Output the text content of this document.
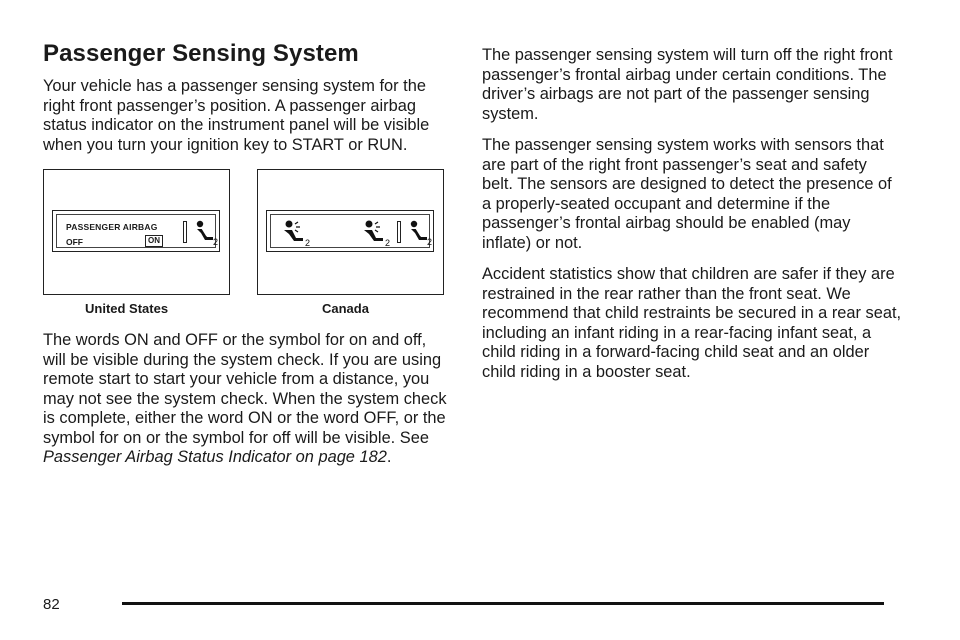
Passenger Sensing System

Your vehicle has a passenger sensing system for the right front passenger’s position. A passenger airbag status indicator on the instrument panel will be visible when you turn your ignition key to START or RUN.

PASSENGER AIRBAG
OFF	ON	2	2	2	2
United States	Canada

The words ON and OFF or the symbol for on and off, will be visible during the system check. If you are using remote start to start your vehicle from a distance, you may not see the system check. When the system check is complete, either the word ON or the word OFF, or the symbol for on or the symbol for off will be visible. See Passenger Airbag Status Indicator on page 182.

The passenger sensing system will turn off the right front passenger’s frontal airbag under certain conditions. The driver’s airbags are not part of the passenger sensing system.

The passenger sensing system works with sensors that are part of the right front passenger’s seat and safety belt. The sensors are designed to detect the presence of a properly-seated occupant and determine if the passenger’s frontal airbag should be enabled (may inflate) or not.

Accident statistics show that children are safer if they are restrained in the rear rather than the front seat. We recommend that child restraints be secured in a rear seat, including an infant riding in a rear-facing infant seat, a child riding in a forward-facing child seat and an older child riding in a booster seat.

82
